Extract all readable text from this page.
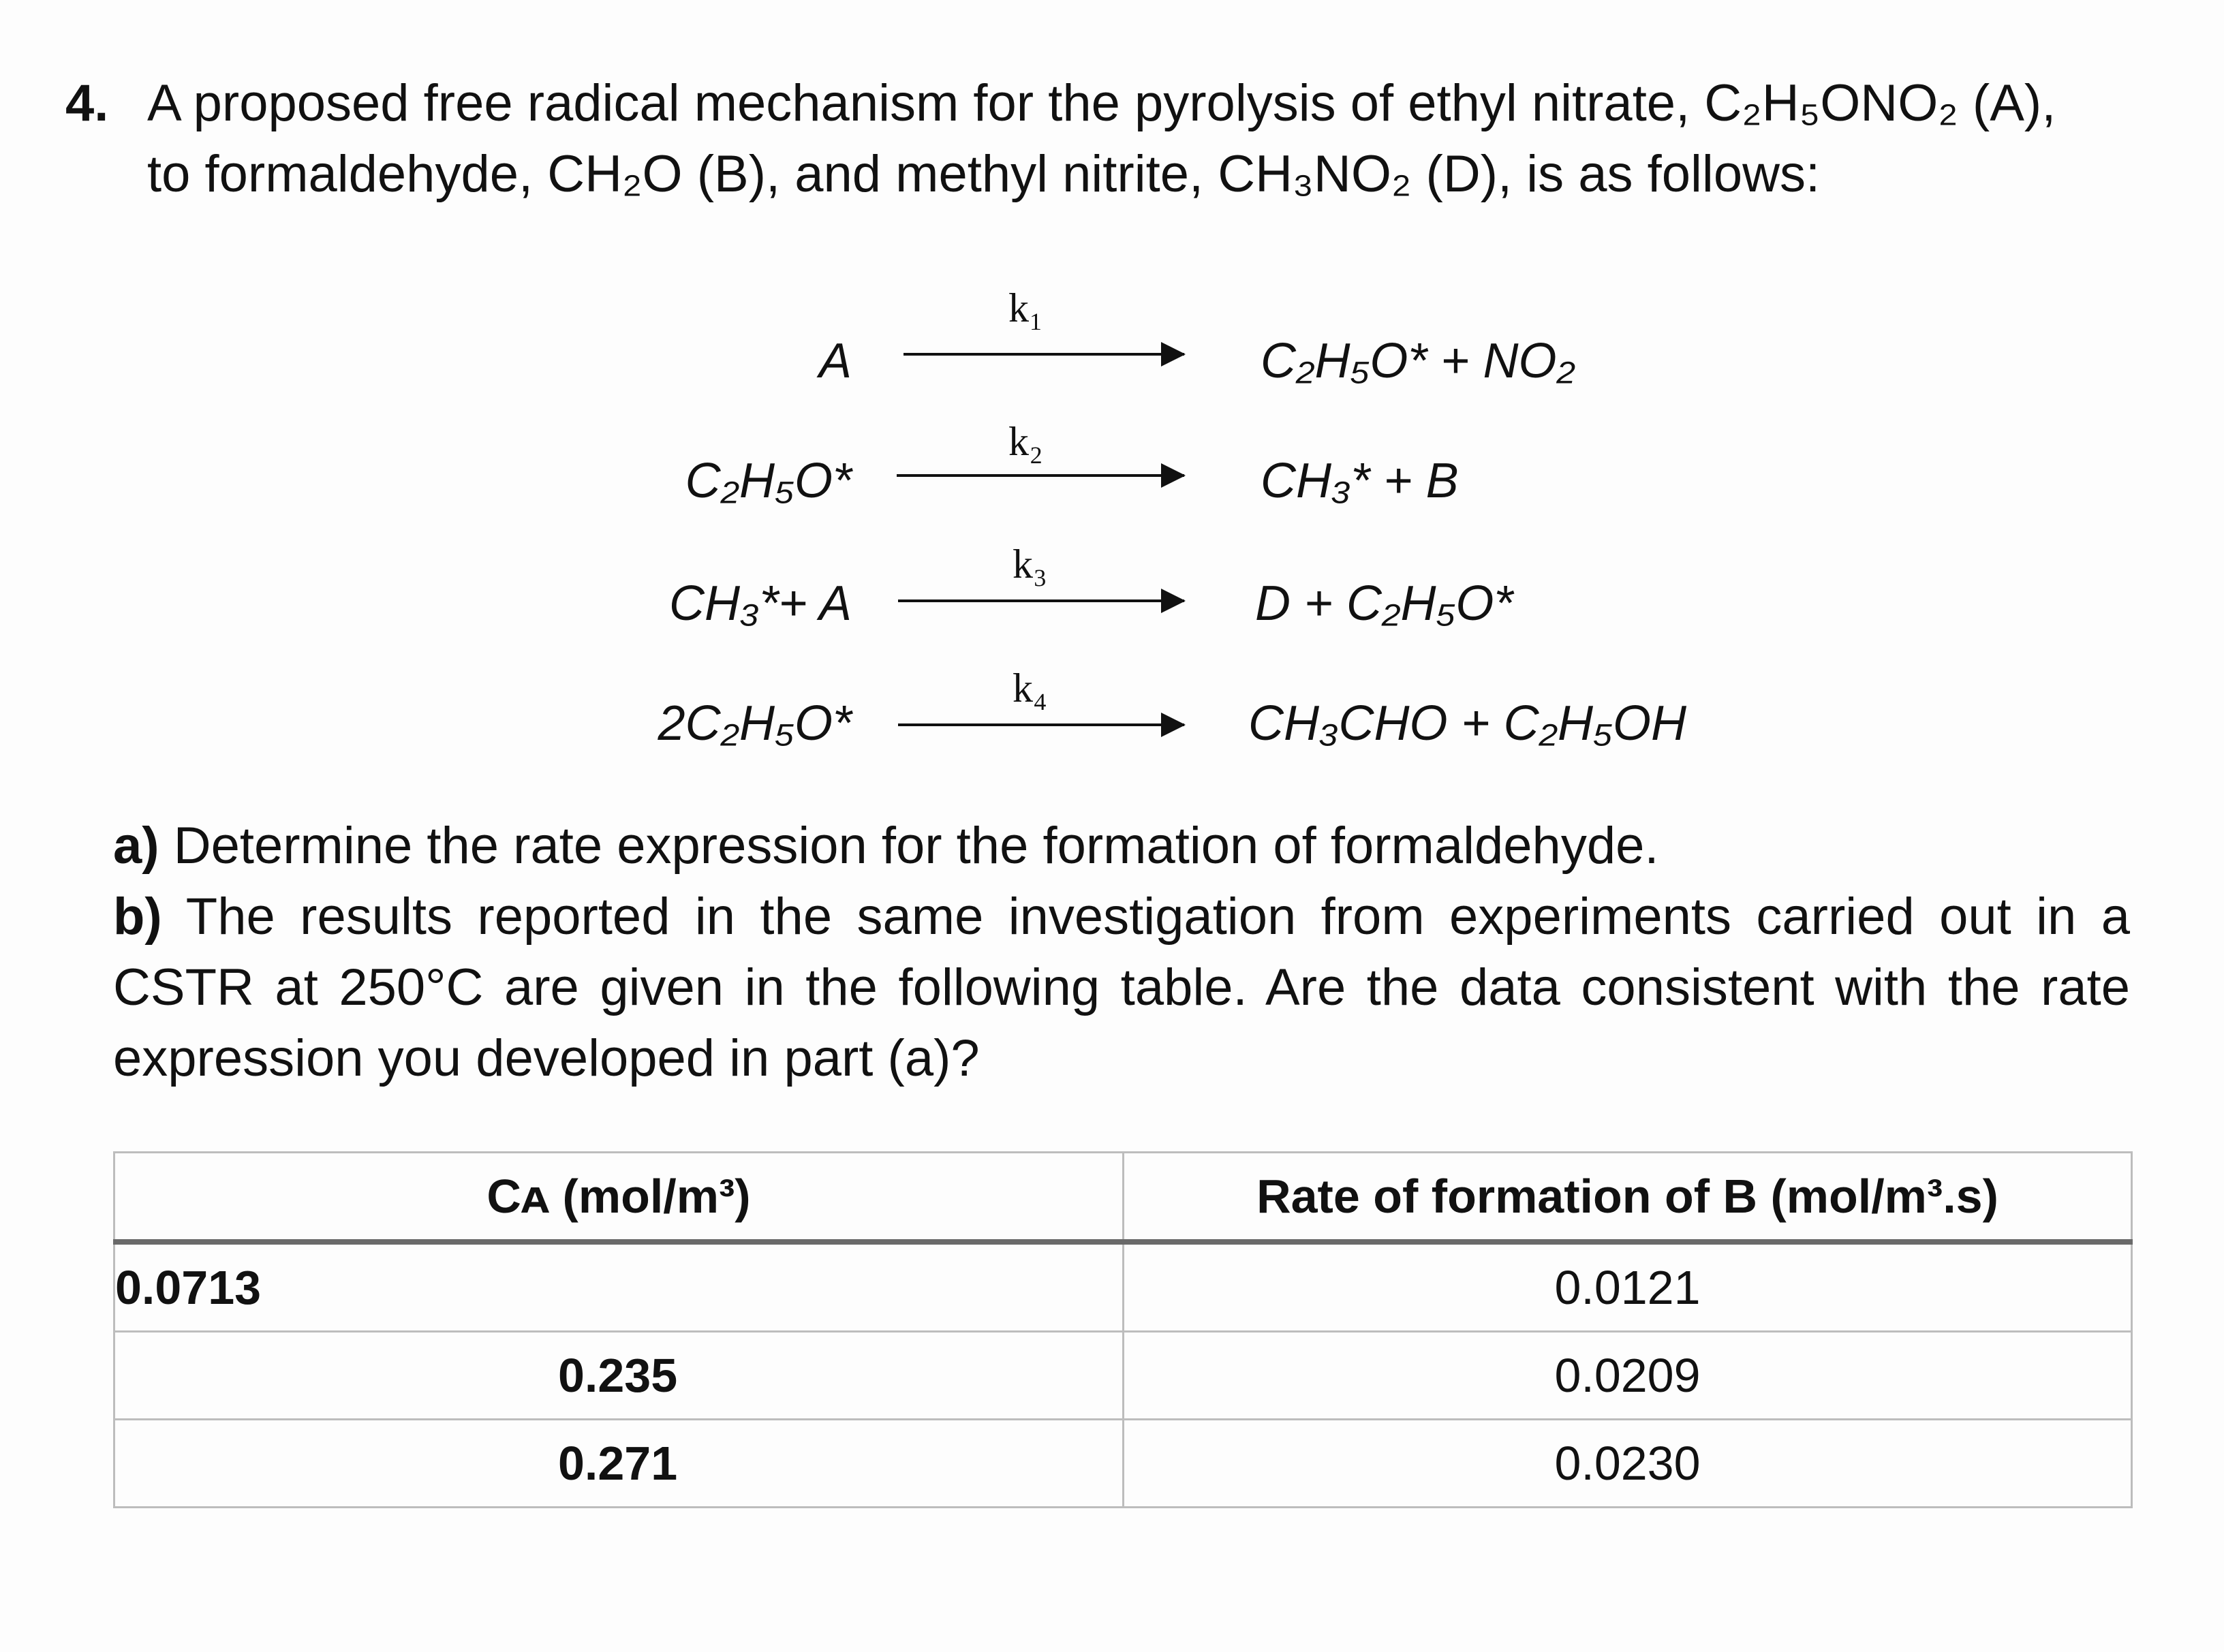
4. A proposed free radical mechanism for the pyrolysis of ethyl nitrate, C₂H₅ONO₂ (A),
to formaldehyde, CH₂O (B), and methyl nitrite, CH₃NO₂ (D), is as follows:
A
k₁
C₂H₅O* + NO₂
C₂H₅O*
k₂
CH₃* + B
CH₃*+ A
k₃
D + C₂H₅O*
2C₂H₅O*
k₄
CH₃CHO + C₂H₅OH
a) Determine the rate expression for the formation of formaldehyde.
b) The results reported in the same investigation from experiments carried out in a CSTR at 250°C are given in the following table. Are the data consistent with the rate expression you developed in part (a)?
Cᴀ (mol/m³)	Rate of formation of B (mol/m³.s)
0.0713	0.0121
0.235	0.0209
0.271	0.0230
